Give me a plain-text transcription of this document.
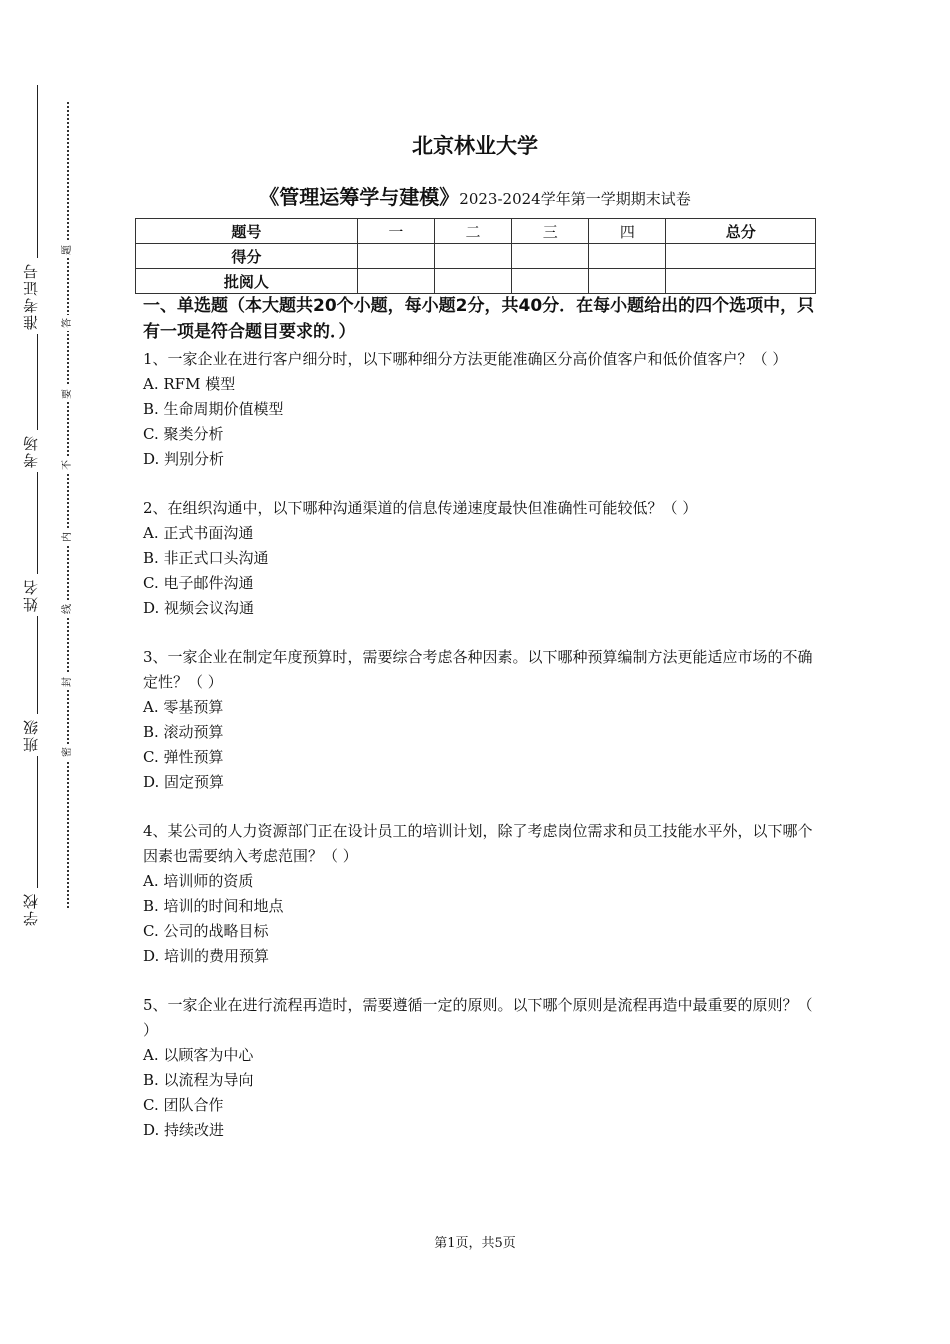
准考证号
考场
姓名
班级
学校
题
答
要
不
内
线
封
密
北京林业大学
《管理运筹学与建模》2023-2024学年第一学期期末试卷
题号	一	二	三	四	总分
得分					
批阅人					
一、单选题（本大题共20个小题，每小题2分，共40分．在每小题给出的四个选项中，只有一项是符合题目要求的．）
1、一家企业在进行客户细分时，以下哪种细分方法更能准确区分高价值客户和低价值客户？（ ）
A. RFM 模型
B. 生命周期价值模型
C. 聚类分析
D. 判别分析
2、在组织沟通中，以下哪种沟通渠道的信息传递速度最快但准确性可能较低？（ ）
A. 正式书面沟通
B. 非正式口头沟通
C. 电子邮件沟通
D. 视频会议沟通
3、一家企业在制定年度预算时，需要综合考虑各种因素。以下哪种预算编制方法更能适应市场的不确定性？（ ）
A. 零基预算
B. 滚动预算
C. 弹性预算
D. 固定预算
4、某公司的人力资源部门正在设计员工的培训计划，除了考虑岗位需求和员工技能水平外，以下哪个因素也需要纳入考虑范围？（ ）
A. 培训师的资质
B. 培训的时间和地点
C. 公司的战略目标
D. 培训的费用预算
5、一家企业在进行流程再造时，需要遵循一定的原则。以下哪个原则是流程再造中最重要的原则？（ ）
A. 以顾客为中心
B. 以流程为导向
C. 团队合作
D. 持续改进
第1页，共5页
